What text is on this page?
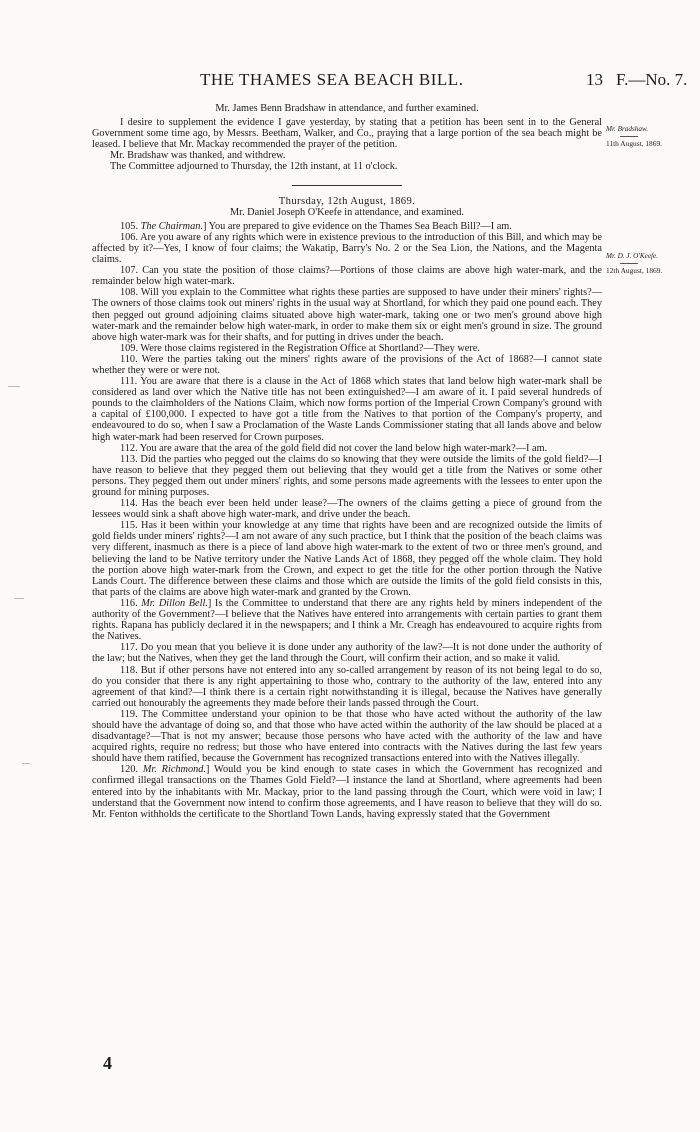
THE THAMES SEA BEACH BILL.	13 F.—No. 7.
Mr. Bradshaw.
11th August, 1869.
Mr. D. J. O'Keefe.
12th August, 1869.

Mr. James Benn Bradshaw in attendance, and further examined.

I desire to supplement the evidence I gave yesterday, by stating that a petition has been sent in to the General Government some time ago, by Messrs. Beetham, Walker, and Co., praying that a large portion of the sea beach might be leased. I believe that Mr. Mackay recommended the prayer of the petition.

Mr. Bradshaw was thanked, and withdrew.

The Committee adjourned to Thursday, the 12th instant, at 11 o'clock.

Thursday, 12th August, 1869.

Mr. Daniel Joseph O'Keefe in attendance, and examined.

105. The Chairman.] You are prepared to give evidence on the Thames Sea Beach Bill?—I am.

106. Are you aware of any rights which were in existence previous to the introduction of this Bill, and which may be affected by it?—Yes, I know of four claims; the Wakatip, Barry's No. 2 or the Sea Lion, the Nations, and the Magenta claims.

107. Can you state the position of those claims?—Portions of those claims are above high water-mark, and the remainder below high water-mark.

108. Will you explain to the Committee what rights these parties are supposed to have under their miners' rights?—The owners of those claims took out miners' rights in the usual way at Shortland, for which they paid one pound each. They then pegged out ground adjoining claims situated above high water-mark, taking one or two men's ground above high water-mark and the remainder below high water-mark, in order to make them six or eight men's ground in size. The ground above high water-mark was for their shafts, and for putting in drives under the beach.

109. Were those claims registered in the Registration Office at Shortland?—They were.

110. Were the parties taking out the miners' rights aware of the provisions of the Act of 1868?—I cannot state whether they were or were not.

111. You are aware that there is a clause in the Act of 1868 which states that land below high water-mark shall be considered as land over which the Native title has not been extinguished?—I am aware of it. I paid several hundreds of pounds to the claimholders of the Nations Claim, which now forms portion of the Imperial Crown Company's ground with a capital of £100,000. I expected to have got a title from the Natives to that portion of the Company's property, and endeavoured to do so, when I saw a Proclamation of the Waste Lands Commissioner stating that all lands above and below high water-mark had been reserved for Crown purposes.

112. You are aware that the area of the gold field did not cover the land below high water-mark?—I am.

113. Did the parties who pegged out the claims do so knowing that they were outside the limits of the gold field?—I have reason to believe that they pegged them out believing that they would get a title from the Natives or some other persons. They pegged them out under miners' rights, and some persons made agreements with the lessees to enter upon the ground for mining purposes.

114. Has the beach ever been held under lease?—The owners of the claims getting a piece of ground from the lessees would sink a shaft above high water-mark, and drive under the beach.

115. Has it been within your knowledge at any time that rights have been and are recognized outside the limits of gold fields under miners' rights?—I am not aware of any such practice, but I think that the position of the beach claims was very different, inasmuch as there is a piece of land above high water-mark to the extent of two or three men's ground, and believing the land to be Native territory under the Native Lands Act of 1868, they pegged off the whole claim. They hold the portion above high water-mark from the Crown, and expect to get the title for the other portion through the Native Lands Court. The difference between these claims and those which are outside the limits of the gold field consists in this, that parts of the claims are above high water-mark and granted by the Crown.

116. Mr. Dillon Bell.] Is the Committee to understand that there are any rights held by miners independent of the authority of the Government?—I believe that the Natives have entered into arrangements with certain parties to grant them rights. Rapana has publicly declared it in the newspapers; and I think a Mr. Creagh has endeavoured to acquire rights from the Natives.

117. Do you mean that you believe it is done under any authority of the law?—It is not done under the authority of the law; but the Natives, when they get the land through the Court, will confirm their action, and so make it valid.

118. But if other persons have not entered into any so-called arrangement by reason of its not being legal to do so, do you consider that there is any right appertaining to those who, contrary to the authority of the law, entered into any agreement of that kind?—I think there is a certain right notwithstanding it is illegal, because the Natives have generally carried out honourably the agreements they made before their lands passed through the Court.

119. The Committee understand your opinion to be that those who have acted without the authority of the law should have the advantage of doing so, and that those who have acted within the authority of the law should be placed at a disadvantage?—That is not my answer; because those persons who have acted with the authority of the law and have acquired rights, require no redress; but those who have entered into contracts with the Natives during the last few years should have them ratified, because the Government has recognized transactions entered into with the Natives illegally.

120. Mr. Richmond.] Would you be kind enough to state cases in which the Government has recognized and confirmed illegal transactions on the Thames Gold Field?—I instance the land at Shortland, where agreements had been entered into by the inhabitants with Mr. Mackay, prior to the land passing through the Court, which were void in law; I understand that the Government now intend to confirm those agreements, and I have reason to believe that they will do so. Mr. Fenton withholds the certificate to the Shortland Town Lands, having expressly stated that the Government

4
